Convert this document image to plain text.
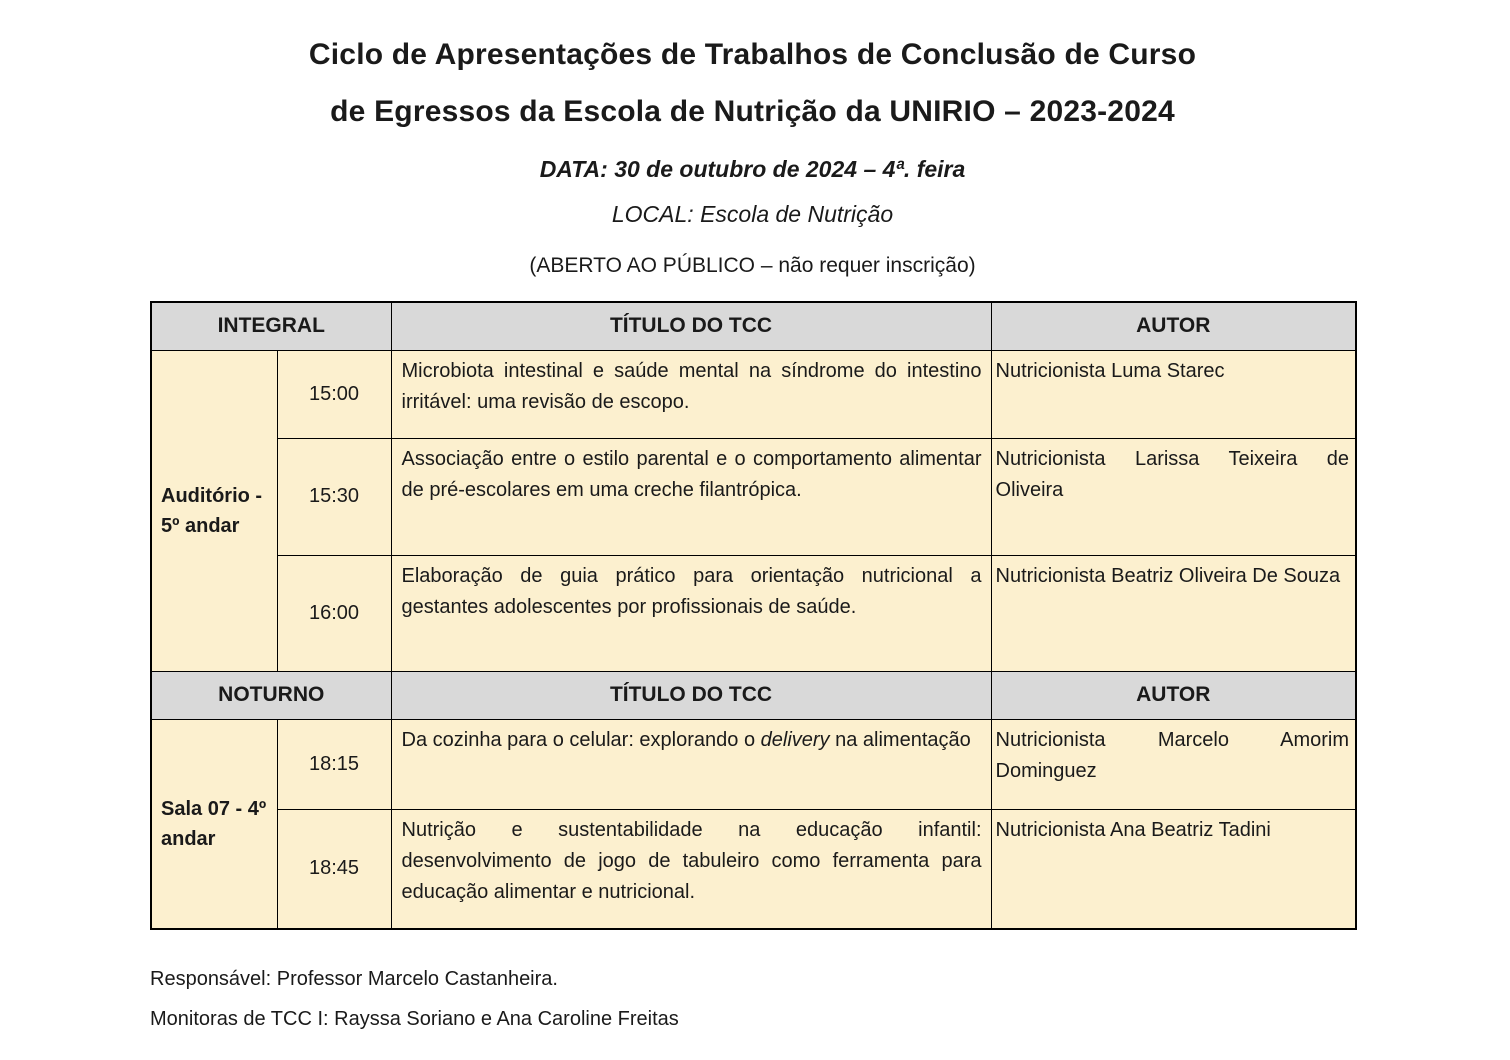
Ciclo de Apresentações de Trabalhos de Conclusão de Curso
de Egressos da Escola de Nutrição da UNIRIO – 2023-2024

DATA: 30 de outubro de 2024 – 4ª. feira

LOCAL: Escola de Nutrição

(ABERTO AO PÚBLICO – não requer inscrição)

INTEGRAL		TÍTULO DO TCC	AUTOR
Auditório - 5º andar	15:00	Microbiota intestinal e saúde mental na síndrome do intestino irritável: uma revisão de escopo.	Nutricionista Luma Starec
	15:30	Associação entre o estilo parental e o comportamento alimentar de pré-escolares em uma creche filantrópica.	Nutricionista Larissa Teixeira de Oliveira
	16:00	Elaboração de guia prático para orientação nutricional a gestantes adolescentes por profissionais de saúde.	Nutricionista Beatriz Oliveira De Souza
NOTURNO		TÍTULO DO TCC	AUTOR
Sala 07 - 4º andar	18:15	Da cozinha para o celular: explorando o delivery na alimentação	Nutricionista Marcelo Amorim Dominguez
	18:45	Nutrição e sustentabilidade na educação infantil: desenvolvimento de jogo de tabuleiro como ferramenta para educação alimentar e nutricional.	Nutricionista Ana Beatriz Tadini

Responsável: Professor Marcelo Castanheira.

Monitoras de TCC I: Rayssa Soriano e Ana Caroline Freitas
